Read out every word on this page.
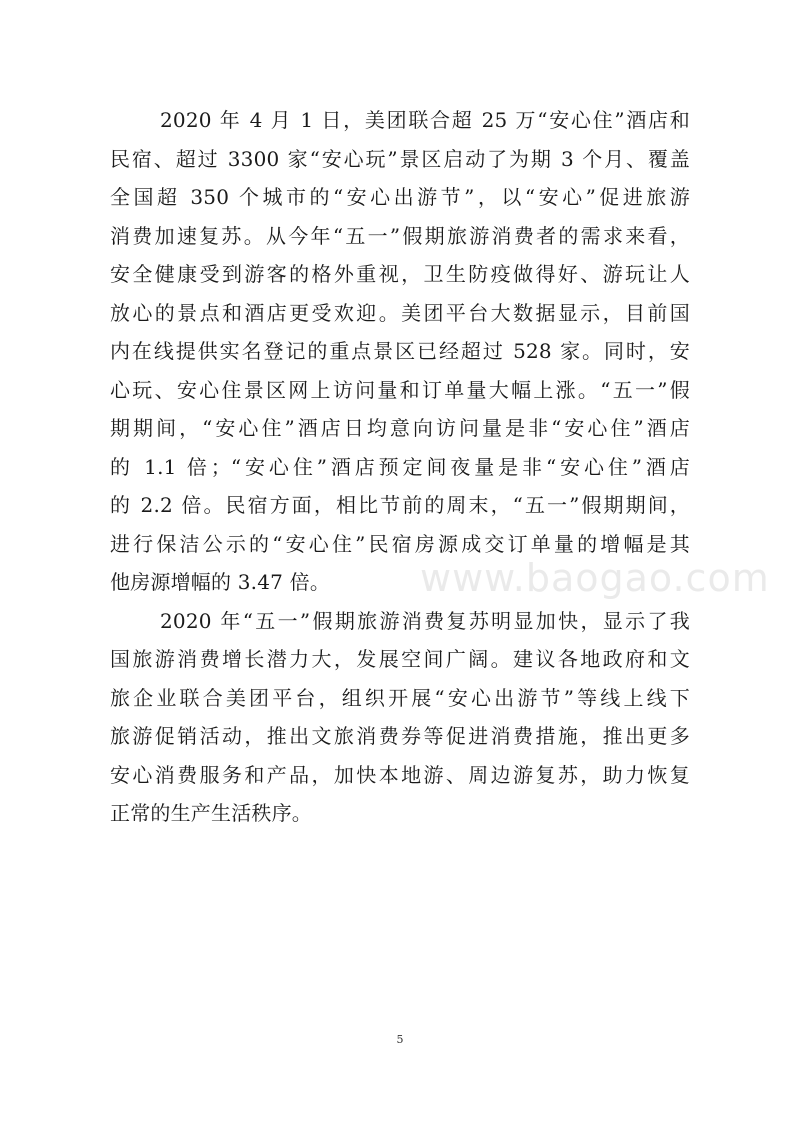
2020 年 4 月 1 日，美团联合超 25 万“安心住”酒店和
民宿、超过 3300 家“安心玩”景区启动了为期 3 个月、覆盖
全国超 350 个城市的“安心出游节”，以“安心”促进旅游
消费加速复苏。从今年“五一”假期旅游消费者的需求来看，
安全健康受到游客的格外重视，卫生防疫做得好、游玩让人
放心的景点和酒店更受欢迎。美团平台大数据显示，目前国
内在线提供实名登记的重点景区已经超过 528 家。同时，安
心玩、安心住景区网上访问量和订单量大幅上涨。“五一”假
期期间，“安心住”酒店日均意向访问量是非“安心住”酒店
的 1.1 倍；“安心住”酒店预定间夜量是非“安心住”酒店
的 2.2 倍。民宿方面，相比节前的周末，“五一”假期期间，
进行保洁公示的“安心住”民宿房源成交订单量的增幅是其
他房源增幅的 3.47 倍。
2020 年“五一”假期旅游消费复苏明显加快，显示了我
国旅游消费增长潜力大，发展空间广阔。建议各地政府和文
旅企业联合美团平台，组织开展“安心出游节”等线上线下
旅游促销活动，推出文旅消费券等促进消费措施，推出更多
安心消费服务和产品，加快本地游、周边游复苏，助力恢复
正常的生产生活秩序。
www.baogao.com
5
